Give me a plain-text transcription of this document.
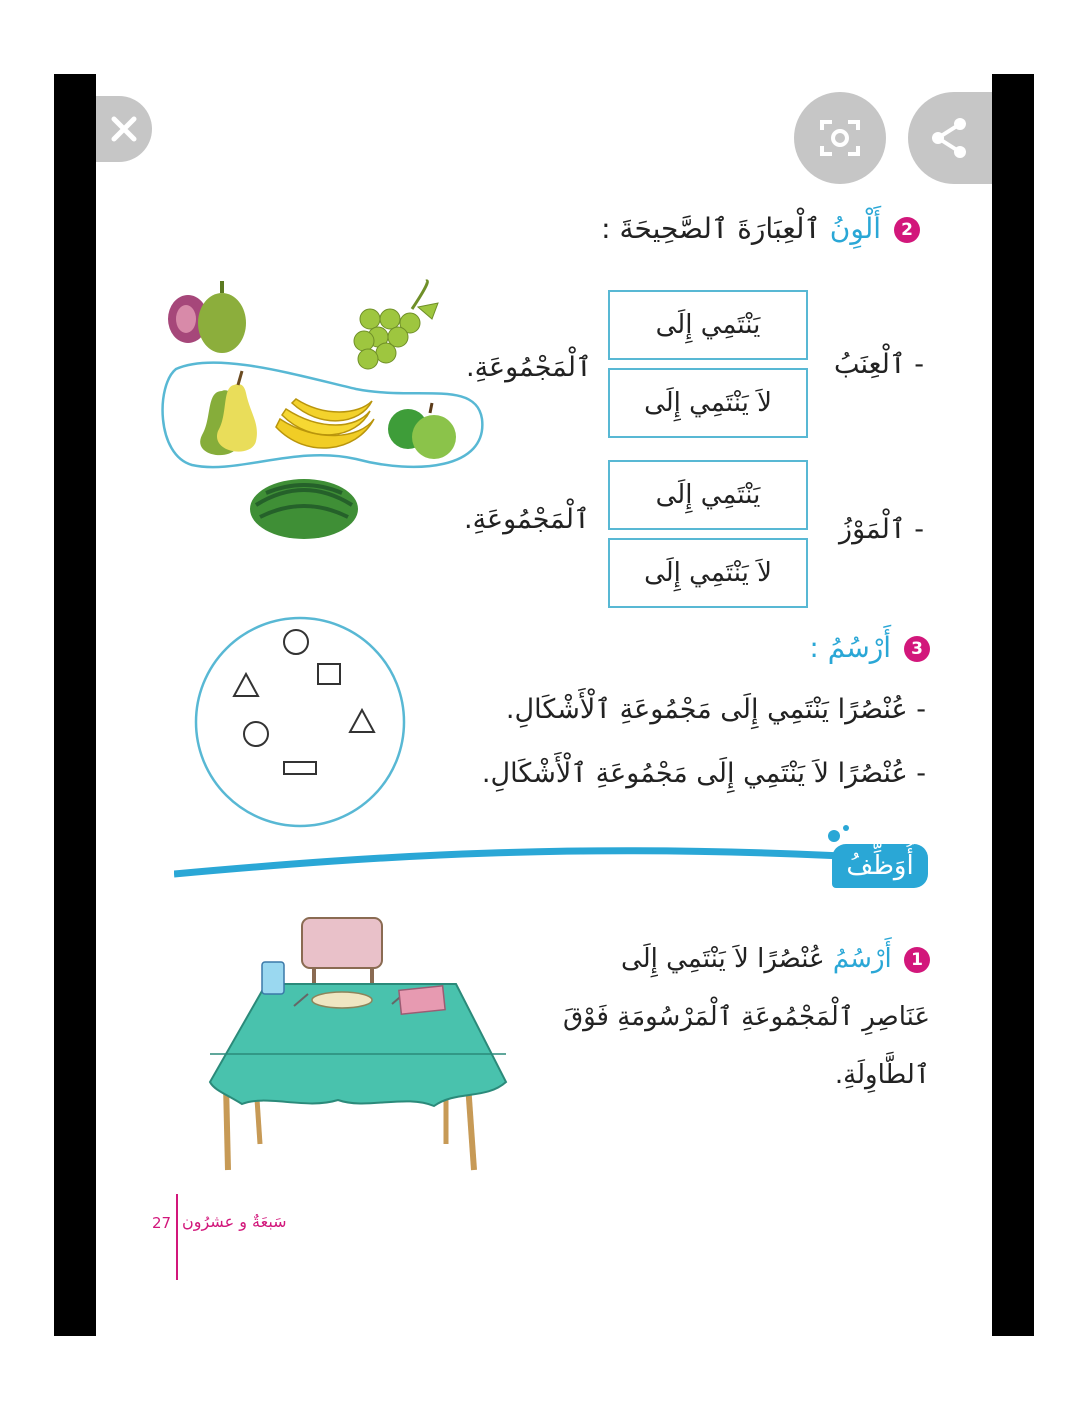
2 أَلْوِنُ ٱلْعِبَارَةَ ٱلصَّحِيحَةَ :
- ٱلْعِنَبُ
يَنْتَمِي إِلَى
لاَ يَنْتَمِي إِلَى
ٱلْمَجْمُوعَةِ.
- ٱلْمَوْزُ
يَنْتَمِي إِلَى
لاَ يَنْتَمِي إِلَى
ٱلْمَجْمُوعَةِ.
3 أَرْسُمُ :
- عُنْصُرًا يَنْتَمِي إِلَى مَجْمُوعَةِ ٱلْأَشْكَالِ.
- عُنْصُرًا لاَ يَنْتَمِي إِلَى مَجْمُوعَةِ ٱلْأَشْكَالِ.
أُوَظِّفُ
1 أَرْسُمُ عُنْصُرًا لاَ يَنْتَمِي إِلَى
عَنَاصِرِ ٱلْمَجْمُوعَةِ ٱلْمَرْسُومَةِ فَوْقَ
ٱلطَّاوِلَةِ.
27 سَبعَةٌ و عشرُون
